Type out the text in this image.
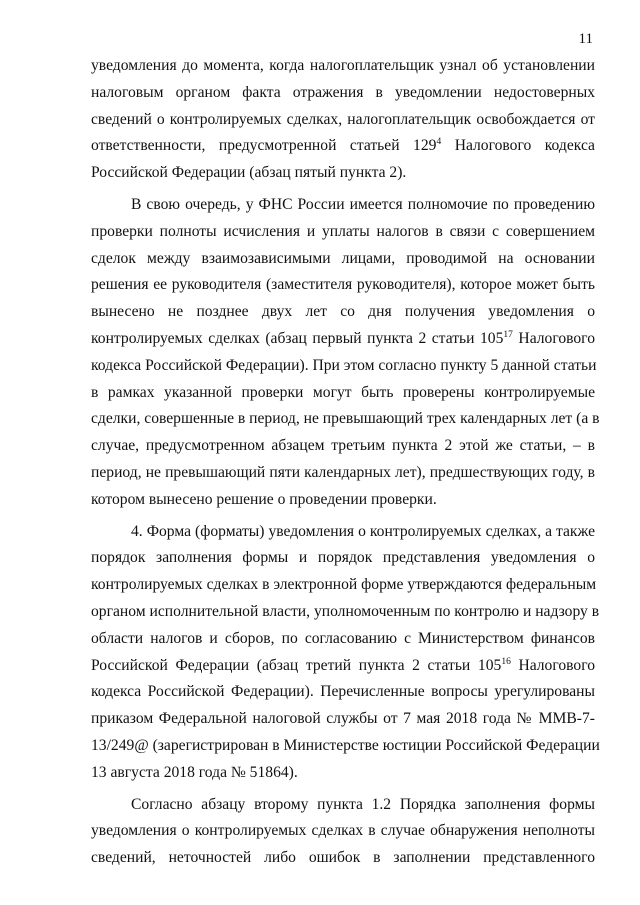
11
уведомления до момента, когда налогоплательщик узнал об установлении
налоговым органом факта отражения в уведомлении недостоверных
сведений о контролируемых сделках, налогоплательщик освобождается от
ответственности, предусмотренной статьей $129^4$ Налогового кодекса
Российской Федерации (абзац пятый пункта 2).
В свою очередь, у ФНС России имеется полномочие по проведению
проверки полноты исчисления и уплаты налогов в связи с совершением
сделок между взаимозависимыми лицами, проводимой на основании
решения ее руководителя (заместителя руководителя), которое может быть
вынесено не позднее двух лет со дня получения уведомления о
контролируемых сделках (абзац первый пункта 2 статьи $105^{17}$ Налогового
кодекса Российской Федерации). При этом согласно пункту 5 данной статьи
в рамках указанной проверки могут быть проверены контролируемые
сделки, совершенные в период, не превышающий трех календарных лет (а в
случае, предусмотренном абзацем третьим пункта 2 этой же статьи, – в
период, не превышающий пяти календарных лет), предшествующих году, в
котором вынесено решение о проведении проверки.
4. Форма (форматы) уведомления о контролируемых сделках, а также
порядок заполнения формы и порядок представления уведомления о
контролируемых сделках в электронной форме утверждаются федеральным
органом исполнительной власти, уполномоченным по контролю и надзору в
области налогов и сборов, по согласованию с Министерством финансов
Российской Федерации (абзац третий пункта 2 статьи $105^{16}$ Налогового
кодекса Российской Федерации). Перечисленные вопросы урегулированы
приказом Федеральной налоговой службы от 7 мая 2018 года № ММВ-7-
13/249@ (зарегистрирован в Министерстве юстиции Российской Федерации
13 августа 2018 года № 51864).
Согласно абзацу второму пункта 1.2 Порядка заполнения формы
уведомления о контролируемых сделках в случае обнаружения неполноты
сведений, неточностей либо ошибок в заполнении представленного
